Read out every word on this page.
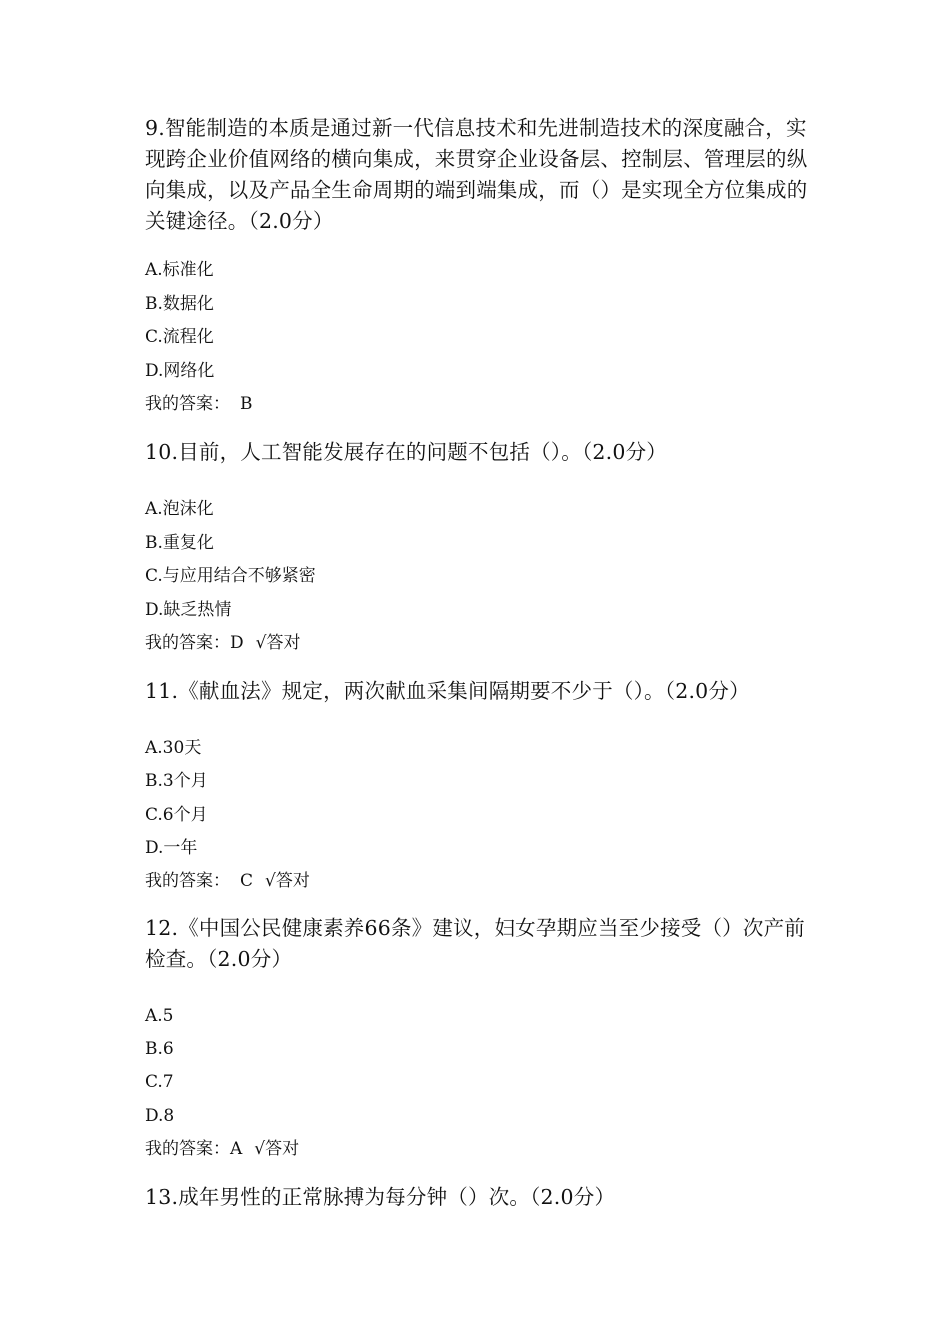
9.智能制造的本质是通过新一代信息技术和先进制造技术的深度融合，实现跨企业价值网络的横向集成，来贯穿企业设备层、控制层、管理层的纵向集成，以及产品全生命周期的端到端集成，而（）是实现全方位集成的关键途径。（2.0分）

A.标准化

B.数据化

C.流程化

D.网络化

我的答案： B

10.目前，人工智能发展存在的问题不包括（）。（2.0分）

A.泡沫化

B.重复化

C.与应用结合不够紧密

D.缺乏热情

我的答案：D √答对

11.《献血法》规定，两次献血采集间隔期要不少于（）。（2.0分）

A.30天

B.3个月

C.6个月

D.一年

我的答案： C √答对

12.《中国公民健康素养66条》建议，妇女孕期应当至少接受（）次产前检查。（2.0分）

A.5

B.6

C.7

D.8

我的答案：A √答对

13.成年男性的正常脉搏为每分钟（）次。（2.0分）
